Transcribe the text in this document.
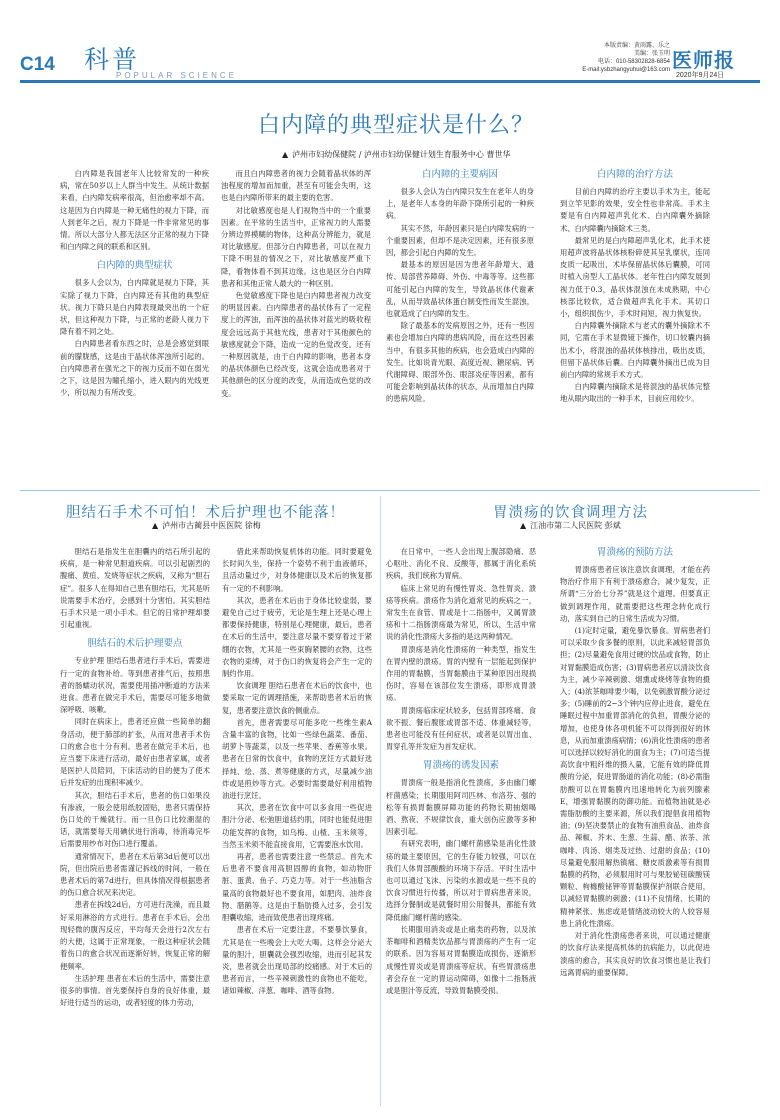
C14 科普
POPULAR SCIENCE
本版责编：黄雨露、乐之
美编：张玉明
电话：010-58302828-6854
E-mail:ysbzhangyuhui@163.com 医师报
2020年9月24日
白内障的典型症状是什么？
▲ 泸州市妇幼保健院 / 泸州市妇幼保健计划生育服务中心 曹世华

白内障是我国老年人比较常发的一种疾病，常在50岁以上人群当中发生。从统计数据来看，白内障发病率很高，但治愈率却不高。这是因为白内障是一种无痛性的视力下降，而人到老年之后，视力下降是一件非常常见的事情。所以大部分人都无法区分正常的视力下降和白内障之间的联系和区别。

白内障的典型症状

很多人会以为，白内障就是视力下降，其实除了视力下降，白内障还有其他的典型症状。视力下降只是白内障表现最突出的一个症状，但这种视力下降，与正常的老龄人视力下降有着不同之处。

白内障患者看东西之时，总是会感觉到眼前的朦胧感，这是由于晶状体浑浊所引起的。白内障患者在强光之下的视力反而不如在弱光之下，这是因为瞳孔缩小，进入眼内的光线更少，所以视力有所改变。

而且白内障患者的视力会随着晶状体的浑浊程度的增加而加重，甚至有可能会失明，这也是白内障所带来的最主要的危害。

对比敏感度也是人们视物当中的一个重要因素。在平常的生活当中，正常视力的人需要分辨边界模糊的物体，这种高分辨能力，就是对比敏感度。但部分白内障患者，可以在视力下降不明显的情况之下，对比敏感度严重下降，看物体看不到其边缘。这也是区分白内障患者和其他正常人最大的一种区别。

色觉敏感度下降也是白内障患者视力改变的明显因素。白内障患者的晶状体有了一定程度上的浑浊，而浑浊的晶状体对蓝光的吸收程度会远远高于其他光线，患者对于其他颜色的敏感度就会下降，造成一定的色觉改变。还有一种原因就是，由于白内障的影响，患者本身的晶状体颜色已经改变，这就会造成患者对于其他颜色的区分度的改变，从而造成色觉的改变。

白内障的主要病因

很多人会认为白内障只发生在老年人的身上，是老年人本身的年龄下降所引起的一种疾病。

其实不然，年龄因素只是白内障发病的一个重要因素，但却不是决定因素，还有很多原因，都会引起白内障的发生。

最基本的原因是因为患者年龄增大、遗传、局部营养障碍、外伤、中毒等等。这些都可能引起白内障的发生，导致晶状体代谢紊乱，从而导致晶状体蛋白制变性而发生混浊，也就造成了白内障的发生。

除了最基本的发病原因之外，还有一些因素也会增加白内障的患病风险，而在这些因素当中，有很多其他的疾病，也会造成白内障的发生。比如说青光眼、高度近视、糖尿病、钙代谢障碍、眼部外伤、眼部炎症等因素，都有可能会影响到晶状体的状态，从而增加白内障的患病风险。

白内障的治疗方法

目前白内障的治疗主要以手术为主，能起到立竿见影的效果，安全性也非常高。手术主要是有白内障超声乳化术、白内障囊外摘除术、白内障囊内摘除术三类。

最常见的是白内障超声乳化术，此手术使用超声波将晶状体核粉碎使其呈乳糜状，连同皮质一起吸出，术毕保留晶状体后囊膜，可同时植入房型人工晶状体。老年性白内障发展到视力低于0.3，晶状体混浊在未成熟期，中心核部比较软，适合做超声乳化手术。其切口小，组织损伤少，手术时间短，视力恢复快。

白内障囊外摘除术与老式的囊外摘除术不同，它需在手术显微镜下操作，切口较囊内摘出术小，将混浊的晶状体核排出，吸出皮质，但留下晶状体后囊。白内障囊外摘出已成为目前白内障的常规手术方式。

白内障囊内摘除术是将混浊的晶状体完整地从眼内取出的一种手术，目前应用较少。

胆结石手术不可怕！术后护理也不能落！
▲ 泸州市古蔺县中医医院 徐梅

胆结石是指发生在胆囊内的结石所引起的疾病，是一种常见胆道疾病。可以引起剧烈的腹痛、黄疸、发烧等症状之疾病，又称为“胆石症”。很多人在得知自己患有胆结石，尤其是听说需要手术治疗，会感到十分害怕。其实胆结石手术只是一项小手术。但它的日常护理却要引起重视。

胆结石的术后护理要点

专业护理 胆结石患者进行手术后，需要进行一定的食物补给。等到患者排气后，按照患者的肠蠕动状况，需要使用插冲断道的方法来进食。患者在做完手术后，需要尽可能多地做深呼吸、咳嗽。

同时在病床上，患者还应做一些简单的翻身活动，便于肺部的扩张，从而对患者手术伤口的愈合也十分有利。患者在做完手术后，也应当要下床进行活动，最好由患者家属，或者是医护人员陪同，下床活动的目的便为了使术后并发症的出现积率减少。

其次，胆结石手术后，患者的伤口如果没有渗液，一般会使用纸胶固贴，患者只需保持伤口处的干燥就行。而一旦伤口比较潮湿的话，就需要每天用碘伏进行消毒，待消毒完毕后需要用纱布对伤口进行覆盖。

通常情况下，患者在术后第3d后便可以出院，但出院后患者需谨记拆线的时间，一般在患者术后的第7d进行，但具体情况得根据患者的伤口愈合状况来决定。

患者在拆线2d后，方可进行洗澡，而且最好采用淋浴的方式进行。患者在手术后，会出现轻微的腹泻反应，平均每天会进行2次左右的大便，这属于正常现象，一般这种症状会随着伤口的愈合状况而逐渐好转，恢复正常的解便频率。

生活护理 患者在术后的生活中，需要注意很多的事情。首先要保持自身的良好体重，最好进行适当的运动，或者轻度的体力劳动，

借此来帮助恢复机体的功能。同时要避免长时间久坐，保持一个姿势不利于血液循环，且活动量过少，对身体健康以及术后的恢复都有一定的不利影响。

其次，患者在术后由于身体比较虚弱，要避免自己过于疲劳，无论是生理上还是心理上都要保持健康，特别是心理健康，最后，患者在术后的生活中，要注意尽量不要穿着过于紧绷的衣物，尤其是一些束胸紧腰的衣物，这些衣物的束缚，对于伤口的恢复将会产生一定的制约作用。

饮食调理 胆结石患者在术后的饮食中，也要采取一定的调理措施，来帮助患者术后的恢复，患者要注意饮食的侧重点。

首先，患者需要尽可能多吃一些维生素A含量丰富的食物，比如一些绿色蔬菜、番茄、胡萝卜等蔬菜，以及一些苹果、香蕉等水果。患者在日常的饮食中，食物的烹饪方式最好选择炖、烩、蒸、煮等健康的方式，尽量减少油炸或是煎炒等方式。必要时需要最好利用植物油进行烹饪。

其次，患者在饮食中可以多食用一些促进胆汁分泌、松弛胆道括约肌，同时也能促进胆功能发挥的食物，如乌梅、山楂、玉米须等，当然玉米须不能直接食用，它需要泡水饮用。

再者，患者也需要注意一些禁忌。首先术后患者不要食用高胆固醇的食物，如动物肝脏、蛋黄、鱼子、巧克力等。对于一些油脂含量高的食物最好也不要食用，如肥肉、油炸食物、腊鹅等。这是由于脂肪摄入过多，会引发胆囊收缩，进而致使患者出现疼痛。

患者在术后一定要注意，不要暴饮暴食，尤其是在一些晚会上大吃大喝。这样会分泌大量的胆汁，胆囊就会强烈收缩，进而引起其发炎，患者就会出现局部的绞痛感。对于术后的患者而言，一些辛辣刺激性的食物也不能吃，诸如辣椒、洋葱、咖啡、酒等食物。

胃溃疡的饮食调理方法
▲ 江油市第二人民医院 彭斌

在日常中，一些人会出现上腹部隐痛、恶心呕吐、消化不良、反酸等，都属于消化系统疾病，我们统称为胃病。

临床上常见的有慢性胃炎、急性胃炎、溃疡等疾病。溃疡作为消化道常见的疾病之一，常发生在食管、胃或是十二指肠中，又属胃溃疡和十二指肠溃疡最为常见，所以，生活中常说的消化性溃疡大多指的是这两种情况。

胃溃疡是消化性溃疡的一种类型，指发生在胃内壁的溃疡。胃的内壁有一层能起到保护作用的胃黏膜，当胃黏膜由于某种原因出现损伤时，容易在该部位发生溃疡，即形成胃溃疡。

胃溃疡临床症状较多，包括胃部疼痛、食欲不振、餐后腹胀或胃部不适、体重减轻等，患者也可能没有任何症状，或者是以胃出血、胃穿孔等并发症为首发症状。

胃溃疡的诱发因素

胃溃疡一般是指消化性溃疡，多由幽门螺杆菌感染；长期服用阿司匹林、布洛芬、强的松等有损胃黏膜屏障功能的药物长期抽烟喝酒、熬夜、不规律饮食，重大创伤应激等多种因素引起。

有研究表明，幽门螺杆菌感染是消化性溃疡的最主要原因，它的生存能力较强，可以在我们人体胃部酸酸的环境下存活。平时生活中也可以通过飞沫、污染的水源或是一些不良的饮食习惯进行传播，所以对于胃病患者来说，选择分餐制或是就餐时用公用餐具，都能有效降低幽门螺杆菌的感染。

长期服用消炎或是止痛类的药物，以及浓茶咖啡和酒精类饮品都与胃溃疡的产生有一定的联系。因为容易对胃黏膜造成损伤，逐渐形成慢性胃炎或是胃溃疡等症状。有些胃溃疡患者会存在一定的胃运动障碍，如像十二指肠液或是胆汁等反流，导致胃黏膜受损。

胃溃疡的预防方法

胃溃疡患者应该注意饮食调理，才能在药物治疗作用下有利于溃疡愈合，减少复发，正所谓“三分治七分养”就是这个道理。但要真正做到调理作用，就需要把这些理念转化成行动，落实到自己的日常生活成为习惯。

(1)定时定量，避免暴饮暴食。胃病患者们可以采取少食多餐的原则，以此来减轻胃部负担；(2)尽量避免食用过硬的饮品或食物，防止对胃黏膜造成伤害；(3)胃病患者应以清淡饮食为主，减少辛辣刺激、烟熏或烧烤等食物的摄入；(4)浓茶咖啡要少喝，以免刺激胃酸分泌过多；(5)睡前的2~3个钟内应停止进食，避免在睡眠过程中加重胃部消化的负担，胃酸分泌的增加，也使身体各项机能不可以得到很好的休息，从而加重溃疡病情；(6)消化性溃疡的患者可以选择以较好消化的面食为主；(7)可适当提高饮食中粗纤维的摄入量，它能有效的降低胃酸的分泌，促进胃肠道的消化功能；(8)必需脂肪酸可以在胃黏膜内迅速地转化为前列腺素E，增强胃黏膜的防御功能。而植物油就是必需脂肪酸的主要来源，所以我们提倡食用植物油；(9)坚决要禁止的食物有油煎食品、油炸食品、辣椒、芥末、生葱、生蒜、醋、浓茶、浓咖啡、肉汤、烟类及过热、过甜的食品；(10)尽量避免服用解热镇痛、糖皮质激素等有损胃黏膜的药物，必须服用时可与果胶铋钮碳酸镁颗粒、枸橼酸铋钾等胃黏膜保护剂联合使用，以减轻胃黏膜的刺激；(11)不良情绪、长期的精神紧张、焦虑或是情绪波动较大的人较容易患上消化性溃疡。

对于消化性溃疡患者来说，可以通过健康的饮食疗法来提高机体的抗病能力，以此促进溃疡的愈合，其实良好的饮食习惯也是让我们远离胃病的重要保障。
